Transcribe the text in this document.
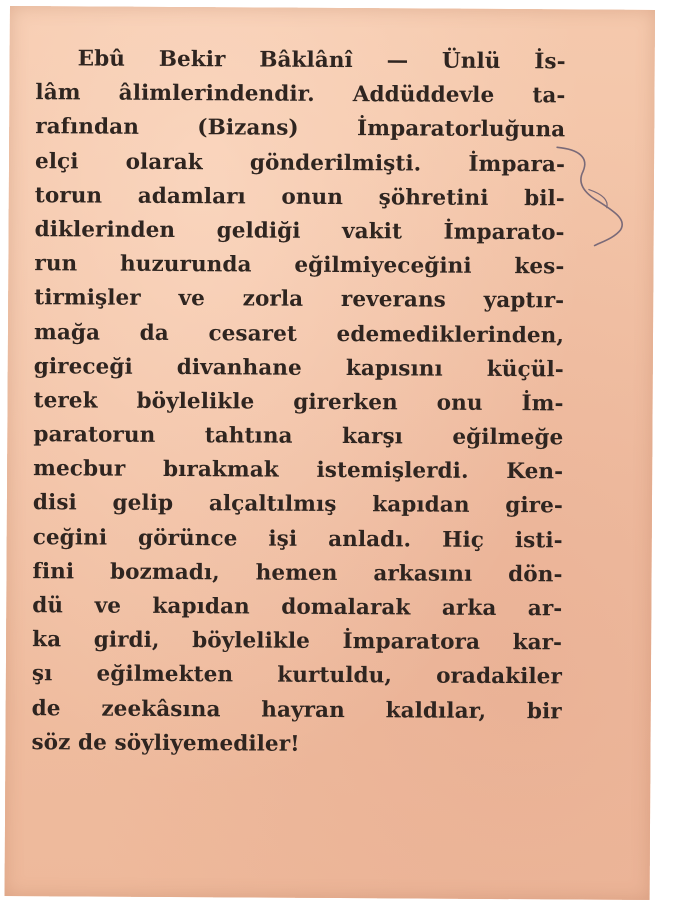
Ebû Bekir Bâklânî — Ünlü İs-
lâm âlimlerindendir. Addüddevle ta-
rafından (Bizans) İmparatorluğuna
elçi olarak gönderilmişti. İmpara-
torun adamları onun şöhretini bil-
diklerinden geldiği vakit İmparato-
run huzurunda eğilmiyeceğini kes-
tirmişler ve zorla reverans yaptır-
mağa da cesaret edemediklerinden,
gireceği divanhane kapısını küçül-
terek böylelikle girerken onu İm-
paratorun tahtına karşı eğilmeğe
mecbur bırakmak istemişlerdi. Ken-
disi gelip alçaltılmış kapıdan gire-
ceğini görünce işi anladı. Hiç isti-
fini bozmadı, hemen arkasını dön-
dü ve kapıdan domalarak arka ar-
ka girdi, böylelikle İmparatora kar-
şı eğilmekten kurtuldu, oradakiler
de zeekâsına hayran kaldılar, bir
söz de söyliyemediler!
